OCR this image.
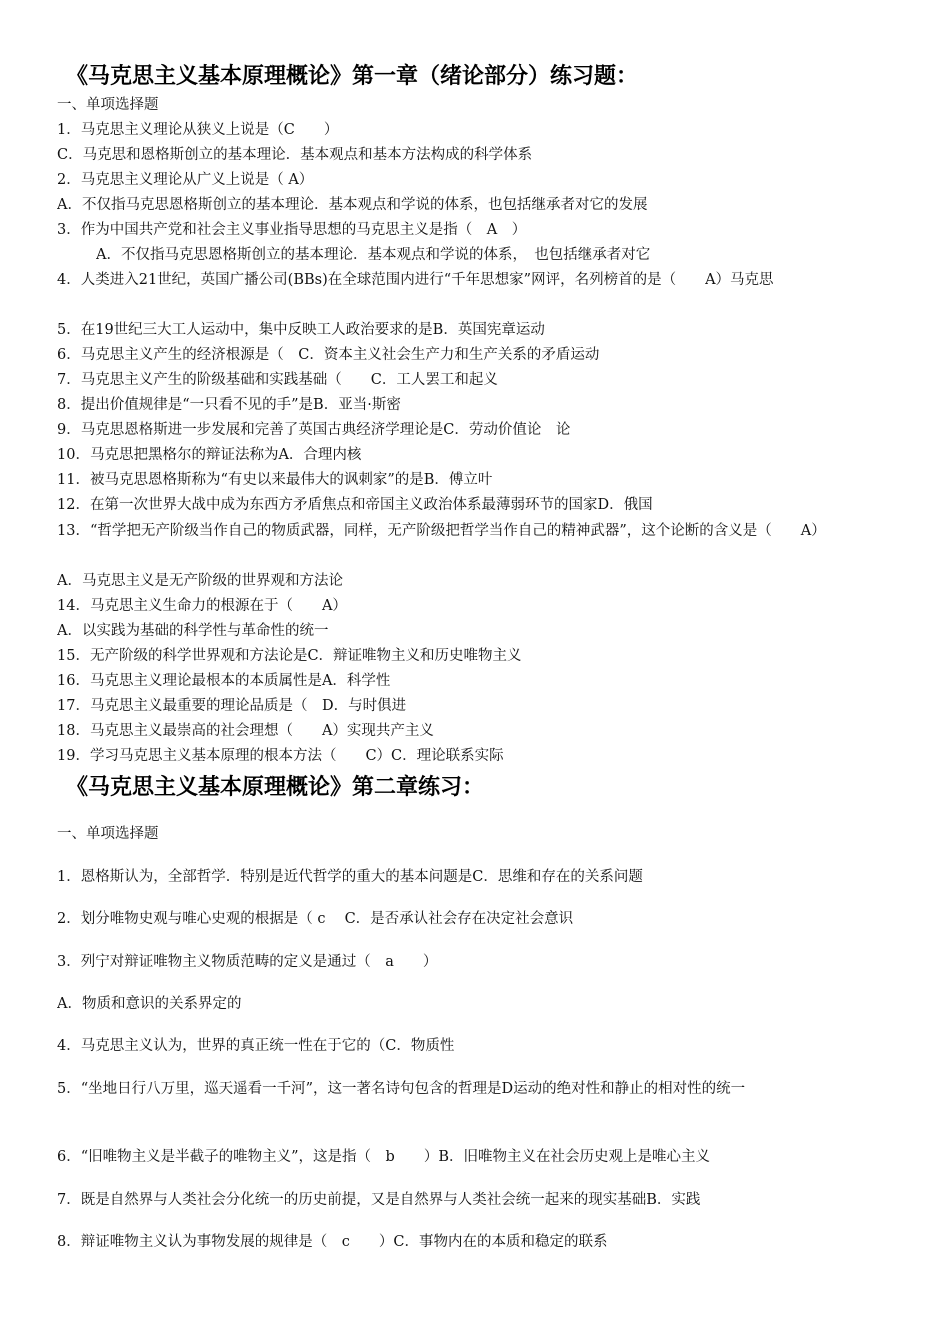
《马克思主义基本原理概论》第一章（绪论部分）练习题：
一、单项选择题
1．马克思主义理论从狭义上说是（C　　）
C．马克思和恩格斯创立的基本理论．基本观点和基本方法构成的科学体系
2．马克思主义理论从广义上说是（ A）
A．不仅指马克思恩格斯创立的基本理论．基本观点和学说的体系，也包括继承者对它的发展
3．作为中国共产党和社会主义事业指导思想的马克思主义是指（　A　）
A．不仅指马克思恩格斯创立的基本理论．基本观点和学说的体系，　也包括继承者对它
4．人类进入21世纪，英国广播公司(BBs)在全球范围内进行“千年思想家”网评，名列榜首的是（　　A）马克思
5．在19世纪三大工人运动中，集中反映工人政治要求的是B．英国宪章运动
6．马克思主义产生的经济根源是（　C．资本主义社会生产力和生产关系的矛盾运动
7．马克思主义产生的阶级基础和实践基础（　　C．工人罢工和起义
8．提出价值规律是“一只看不见的手”是B．亚当·斯密
9．马克思恩格斯进一步发展和完善了英国古典经济学理论是C．劳动价值论　论
10．马克思把黑格尔的辩证法称为A．合理内核
11．被马克思恩格斯称为“有史以来最伟大的讽刺家”的是B．傅立叶
12．在第一次世界大战中成为东西方矛盾焦点和帝国主义政治体系最薄弱环节的国家D．俄国
13．“哲学把无产阶级当作自己的物质武器，同样，无产阶级把哲学当作自己的精神武器”，这个论断的含义是（　　A）
A．马克思主义是无产阶级的世界观和方法论
14．马克思主义生命力的根源在于（　　A）
A．以实践为基础的科学性与革命性的统一
15．无产阶级的科学世界观和方法论是C．辩证唯物主义和历史唯物主义
16．马克思主义理论最根本的本质属性是A．科学性
17．马克思主义最重要的理论品质是（　D．与时俱进
18．马克思主义最崇高的社会理想（　　A）实现共产主义
19．学习马克思主义基本原理的根本方法（　　C）C．理论联系实际
《马克思主义基本原理概论》第二章练习：
一、单项选择题
1．恩格斯认为，全部哲学．特别是近代哲学的重大的基本问题是C．思维和存在的关系问题
2．划分唯物史观与唯心史观的根据是（ c　 C．是否承认社会存在决定社会意识
3．列宁对辩证唯物主义物质范畴的定义是通过（　a　　）
A．物质和意识的关系界定的
4．马克思主义认为，世界的真正统一性在于它的（C．物质性
5．“坐地日行八万里，巡天遥看一千河”，这一著名诗句包含的哲理是D运动的绝对性和静止的相对性的统一
6．“旧唯物主义是半截子的唯物主义”，这是指（　b　　）B．旧唯物主义在社会历史观上是唯心主义
7．既是自然界与人类社会分化统一的历史前提，又是自然界与人类社会统一起来的现实基础B．实践
8．辩证唯物主义认为事物发展的规律是（　c　　）C．事物内在的本质和稳定的联系
